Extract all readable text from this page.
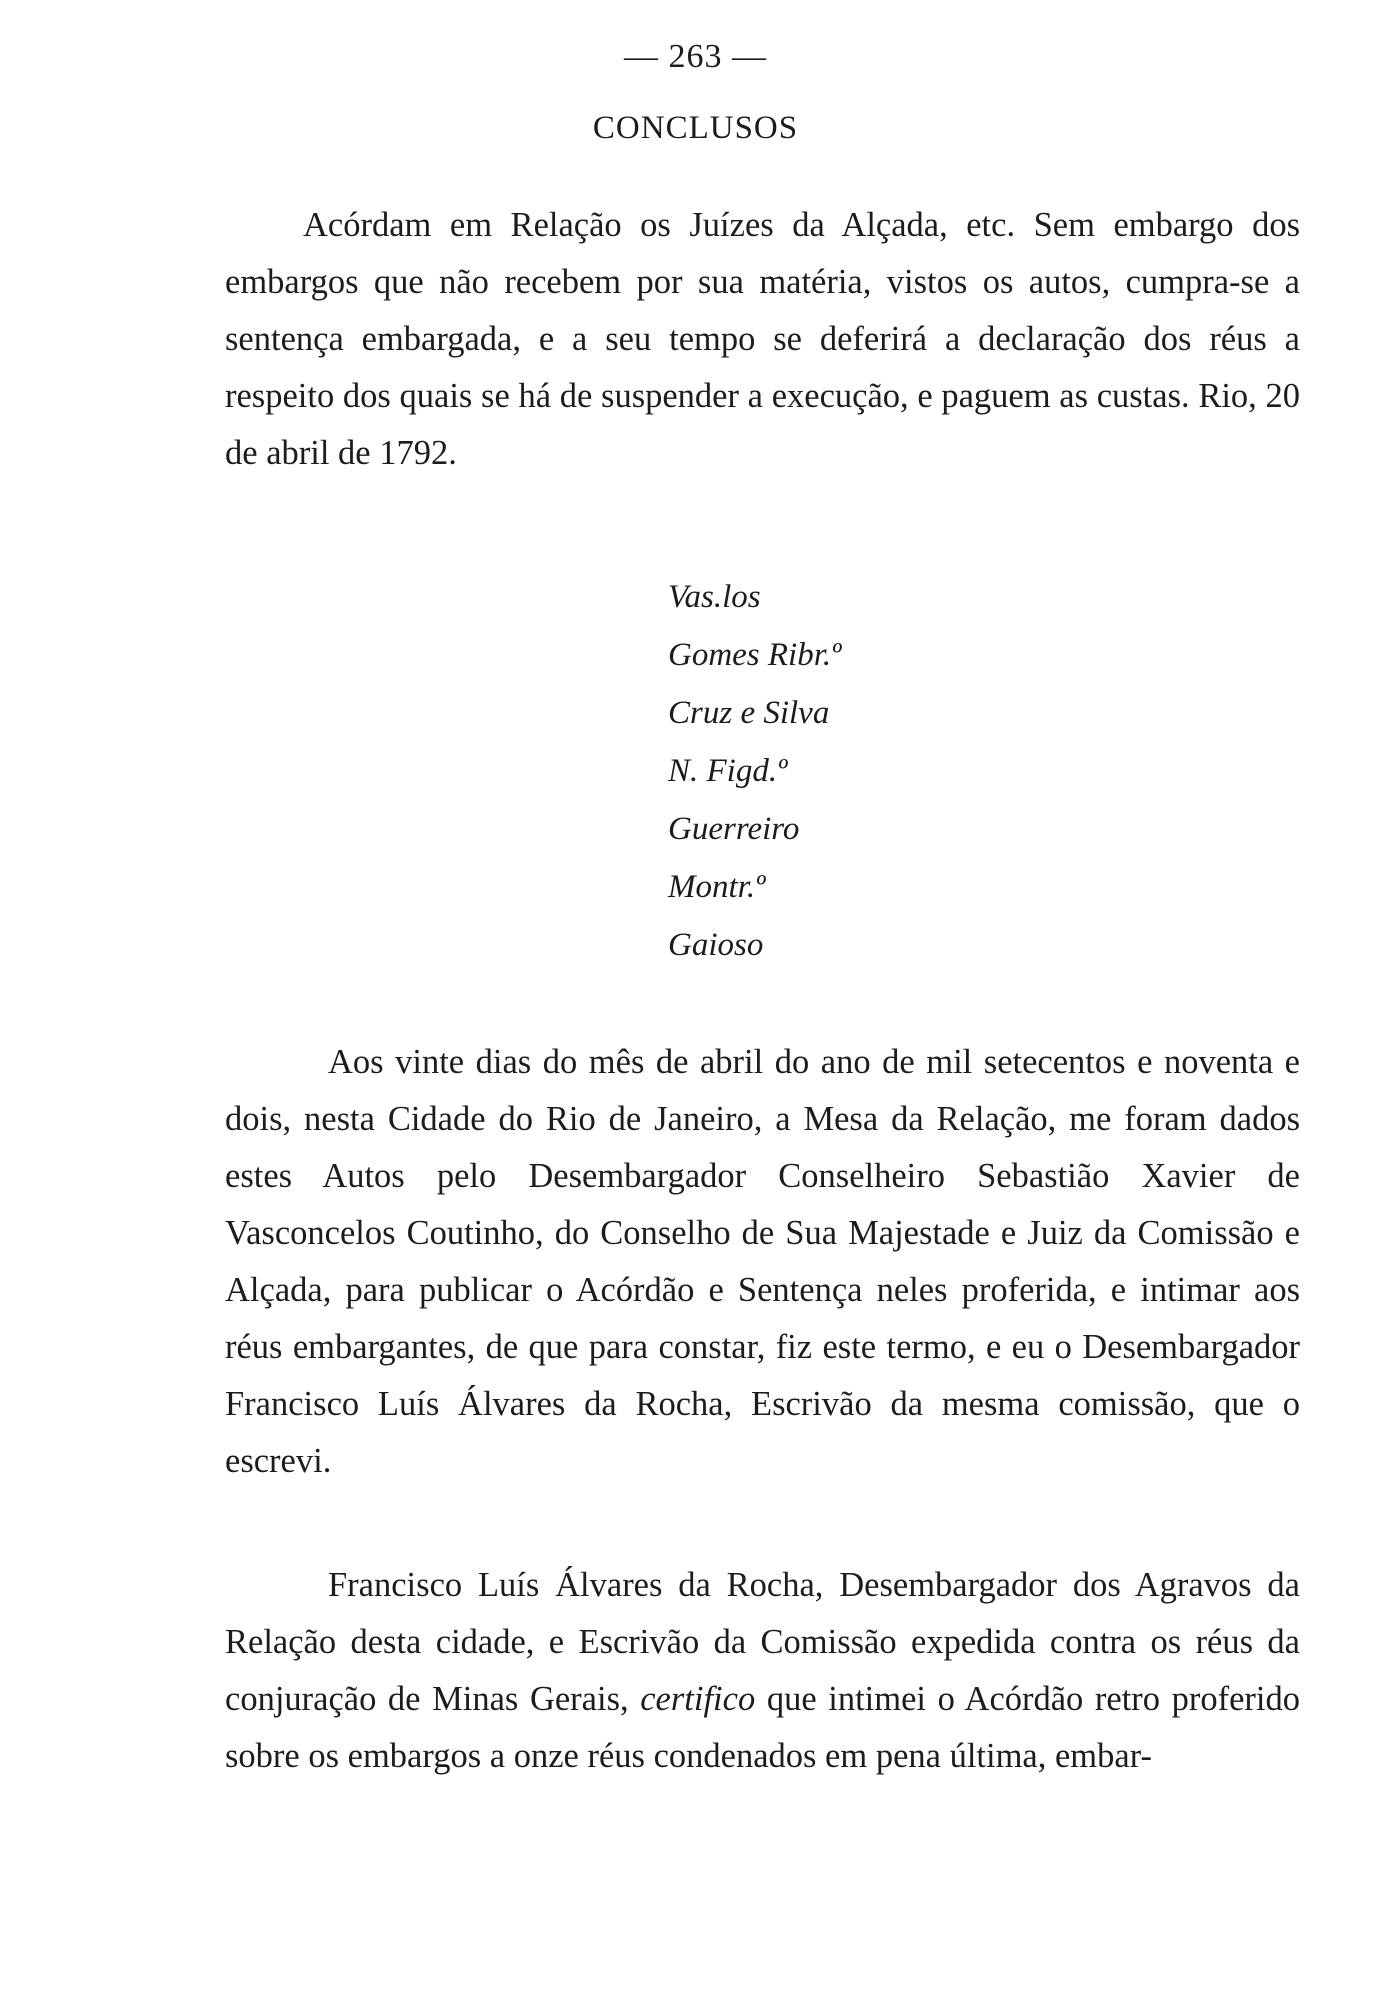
— 263 —
CONCLUSOS

Acórdam em Relação os Juízes da Alçada, etc. Sem embargo dos embargos que não recebem por sua matéria, vistos os autos, cumpra-se a sentença embargada, e a seu tempo se deferirá a declaração dos réus a respeito dos quais se há de suspender a execução, e paguem as custas. Rio, 20 de abril de 1792.

Vas.los
Gomes Ribr.º
Cruz e Silva
N. Figd.º
Guerreiro
Montr.º
Gaioso

Aos vinte dias do mês de abril do ano de mil setecentos e noventa e dois, nesta Cidade do Rio de Janeiro, a Mesa da Relação, me foram dados estes Autos pelo Desembargador Conselheiro Sebastião Xavier de Vasconcelos Coutinho, do Conselho de Sua Majestade e Juiz da Comissão e Alçada, para publicar o Acórdão e Sentença neles proferida, e intimar aos réus embargantes, de que para constar, fiz este termo, e eu o Desembargador Francisco Luís Álvares da Rocha, Escrivão da mesma comissão, que o escrevi.

Francisco Luís Álvares da Rocha, Desembargador dos Agravos da Relação desta cidade, e Escrivão da Comissão expedida contra os réus da conjuração de Minas Gerais, certifico que intimei o Acórdão retro proferido sobre os embargos a onze réus condenados em pena última, embar-
